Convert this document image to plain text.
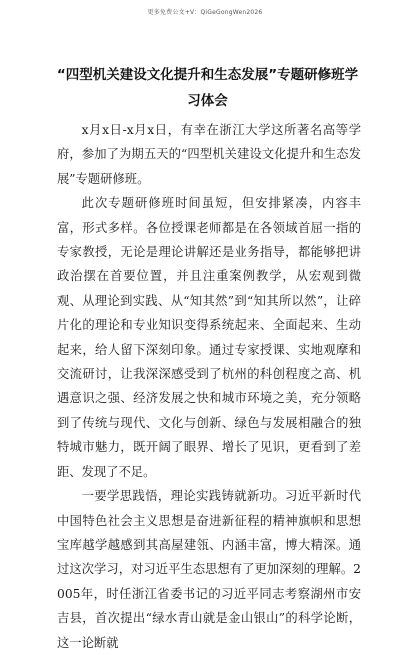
更多免费公文+V：QiGeGongWen2026
“四型机关建设文化提升和生态发展”专题研修班学习体会

x月x日-x月x日，有幸在浙江大学这所著名高等学府，参加了为期五天的“四型机关建设文化提升和生态发展”专题研修班。

此次专题研修班时间虽短，但安排紧凑，内容丰富，形式多样。各位授课老师都是在各领域首屈一指的专家教授，无论是理论讲解还是业务指导，都能够把讲政治摆在首要位置，并且注重案例教学，从宏观到微观、从理论到实践、从“知其然”到“知其所以然”，让碎片化的理论和专业知识变得系统起来、全面起来、生动起来，给人留下深刻印象。通过专家授课、实地观摩和交流研讨，让我深深感受到了杭州的科创程度之高、机遇意识之强、经济发展之快和城市环境之美，充分领略到了传统与现代、文化与创新、绿色与发展相融合的独特城市魅力，既开阔了眼界、增长了见识，更看到了差距、发现了不足。

一要学思践悟，理论实践铸就新功。习近平新时代中国特色社会主义思想是奋进新征程的精神旗帜和思想宝库越学越感到其高屋建瓴、内涵丰富，博大精深。通过这次学习，对习近平生态思想有了更加深刻的理解。2005年，时任浙江省委书记的习近平同志考察湖州市安吉县，首次提出“绿水青山就是金山银山”的科学论断，这一论断就
